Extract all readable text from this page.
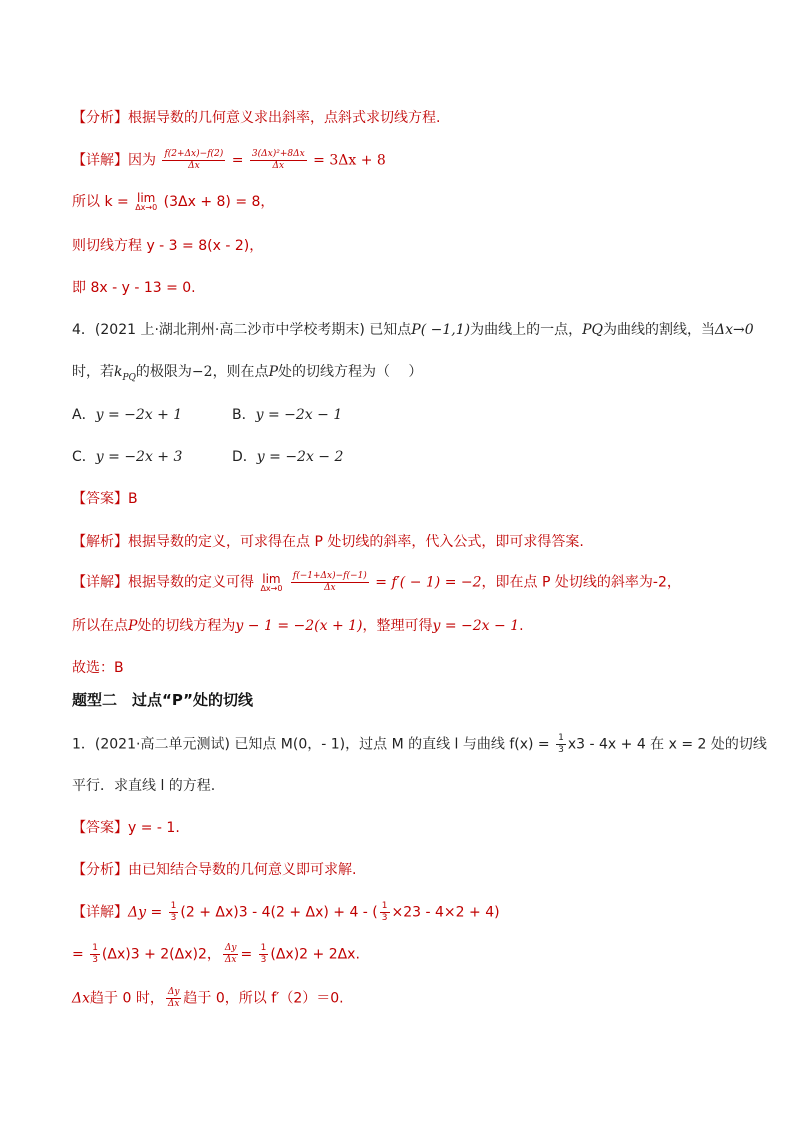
【分析】根据导数的几何意义求出斜率，点斜式求切线方程.
【详解】因为 $\frac{f(2+\Delta x)-f(2)}{\Delta x} = \frac{\text{3(Δx)²+8Δx}}{\Delta x} = 3\Delta x + 8$
所以 k = lim
Δx→0 (3Δx + 8) = 8，
则切线方程 y - 3 = 8(x - 2)，
即 8x - y - 13 = 0.
4．(2021 上·湖北荆州·高二沙市中学校考期末) 已知点P( −1,1)为曲线上的一点，PQ为曲线的割线，当Δx→0
时，若$k_{PQ}$的极限为−2，则在点P处的切线方程为（　 ）
A．y = −2x + 1	B．y = −2x − 1
C．y = −2x + 3	D．y = −2x − 2
【答案】B
【解析】根据导数的定义，可求得在点 P 处切线的斜率，代入公式，即可求得答案.
【详解】根据导数的定义可得 lim
Δx→0
$\frac{f(-1+\Delta x)-f(-1)}{\Delta x} = f'( - 1) = -2$，即在点 P 处切线的斜率为-2，
所以在点P处的切线方程为y − 1 = −2(x + 1)，整理可得y = −2x − 1.
故选：B
题型二　过点“P”处的切线
1．(2021·高二单元测试) 已知点 M(0，- 1)，过点 M 的直线 l 与曲线 $f(x) = \frac{1}{3} x3 - 4x + 4$ 在 x = 2 处的切线
平行．求直线 l 的方程.
【答案】y = - 1.
【分析】由已知结合导数的几何意义即可求解.
【详解】$\Delta y = \frac{1}{3} (2 + \Delta x)3 - 4(2 + \Delta x) + 4$ - ( $\frac{1}{3} \times 23 - 4\times 2 + 4$)
= $\frac{1}{3} (\Delta x)3 + 2(\Delta x)2$， $\frac{\Delta y}{\Delta x} = \frac{1}{3} (\Delta x)2 + 2\Delta x$.
Δx趋于 0 时， $\frac{\Delta y}{\Delta x}$ 趋于 0，所以 f′（2）＝0.
